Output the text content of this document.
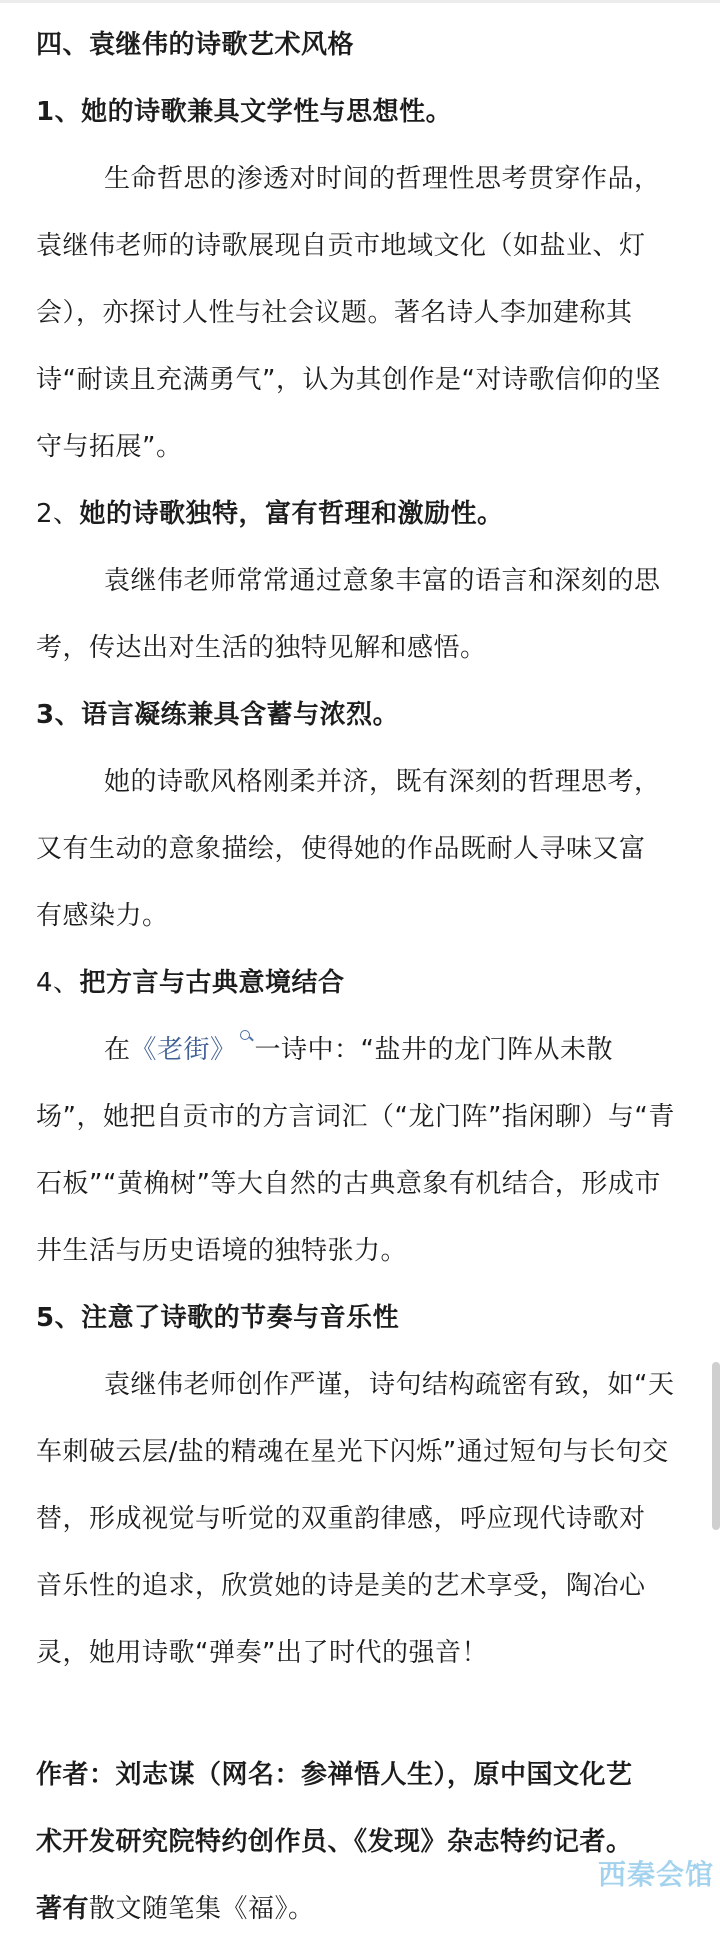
四、袁继伟的诗歌艺术风格
1、她的诗歌兼具文学性与思想性。
生命哲思的渗透对时间的哲理性思考贯穿作品，
袁继伟老师的诗歌展现自贡市地域文化（如盐业、灯
会），亦探讨人性与社会议题。著名诗人李加建称其
诗“耐读且充满勇气”，认为其创作是“对诗歌信仰的坚
守与拓展”。
2、她的诗歌独特，富有哲理和激励性。
袁继伟老师常常通过意象丰富的语言和深刻的思
考，传达出对生活的独特见解和感悟。
3、语言凝练兼具含蓄与浓烈。
她的诗歌风格刚柔并济，既有深刻的哲理思考，
又有生动的意象描绘，使得她的作品既耐人寻味又富
有感染力。
4、把方言与古典意境结合
在《老街》 一诗中：“盐井的龙门阵从未散
场”，她把自贡市的方言词汇（“龙门阵”指闲聊）与“青
石板”“黄桷树”等大自然的古典意象有机结合，形成市
井生活与历史语境的独特张力。
5、注意了诗歌的节奏与音乐性
袁继伟老师创作严谨，诗句结构疏密有致，如“天
车刺破云层/盐的精魂在星光下闪烁”通过短句与长句交
替，形成视觉与听觉的双重韵律感，呼应现代诗歌对
音乐性的追求，欣赏她的诗是美的艺术享受，陶冶心
灵，她用诗歌“弹奏”出了时代的强音！
作者：刘志谋（网名：参禅悟人生），原中国文化艺
术开发研究院特约创作员、《发现》杂志特约记者。
著有散文随笔集《福》。
西秦会馆
